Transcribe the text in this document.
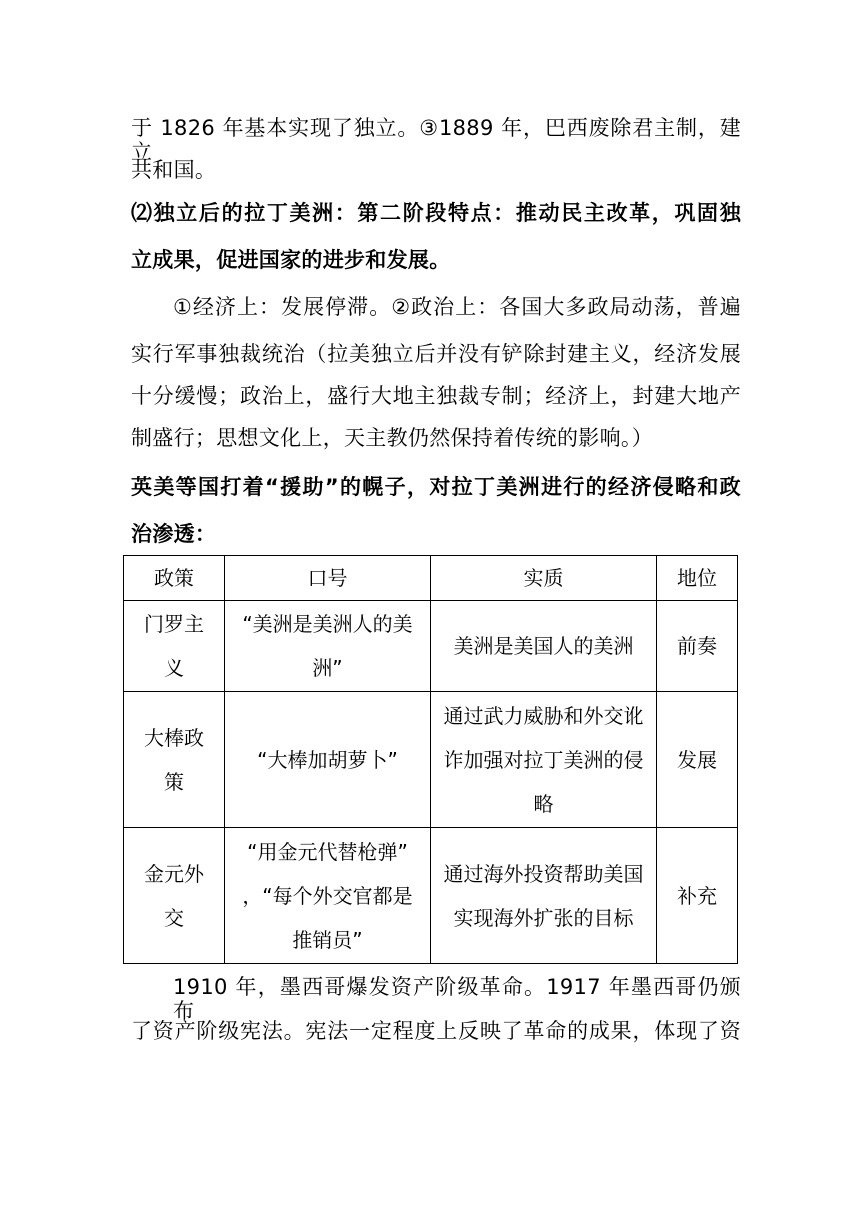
于 1826 年基本实现了独立。③1889 年，巴西废除君主制，建立
共和国。
⑵独立后的拉丁美洲：第二阶段特点：推动民主改革，巩固独
立成果，促进国家的进步和发展。
①经济上：发展停滞。②政治上：各国大多政局动荡，普遍
实行军事独裁统治（拉美独立后并没有铲除封建主义，经济发展
十分缓慢；政治上，盛行大地主独裁专制；经济上，封建大地产
制盛行；思想文化上，天主教仍然保持着传统的影响。）
英美等国打着“援助”的幌子，对拉丁美洲进行的经济侵略和政
治渗透：
政策	口号	实质	地位
门罗主义	“美洲是美洲人的美洲”	美洲是美国人的美洲	前奏
大棒政策	“大棒加胡萝卜”	通过武力威胁和外交讹诈加强对拉丁美洲的侵略	发展
金元外交	“用金元代替枪弹” ，“每个外交官都是推销员”	通过海外投资帮助美国实现海外扩张的目标	补充
1910 年，墨西哥爆发资产阶级革命。1917 年墨西哥仍颁布
了资产阶级宪法。宪法一定程度上反映了革命的成果，体现了资
